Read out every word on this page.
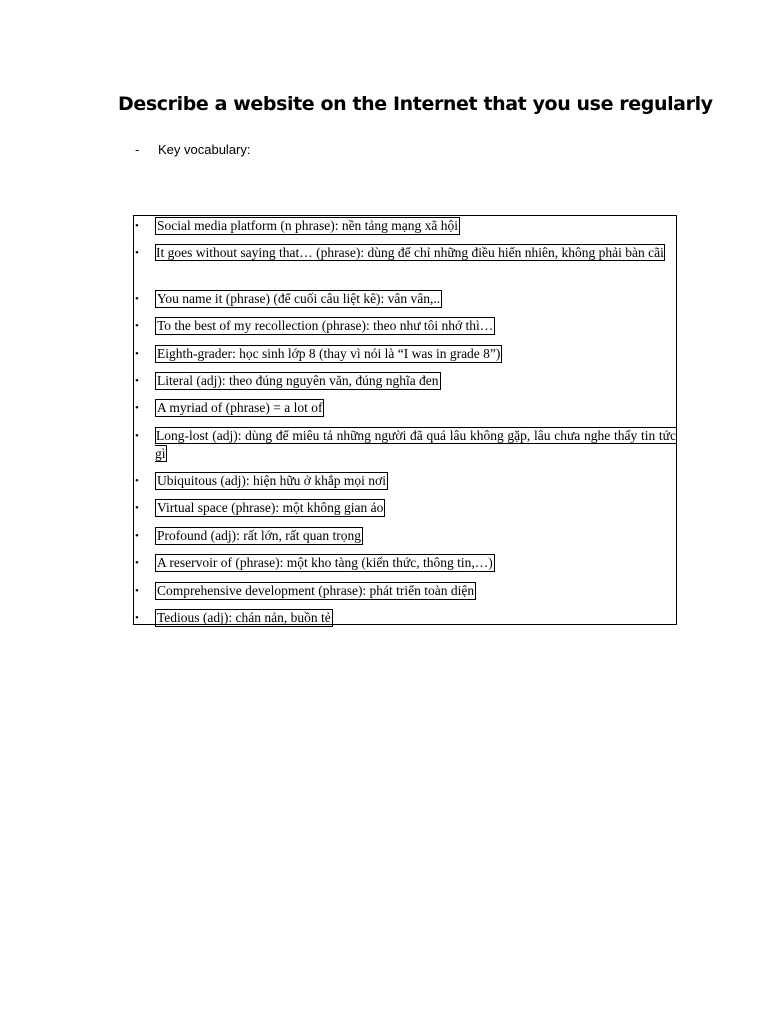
Describe a website on the Internet that you use regularly
- Key vocabulary:
• Social media platform (n phrase): nền tảng mạng xã hội
• It goes without saying that… (phrase): dùng để chỉ những điều hiển nhiên, không phải bàn cãi
• You name it (phrase) (để cuối câu liệt kê): vân vân,..
• To the best of my recollection (phrase): theo như tôi nhớ thì…
• Eighth-grader: học sinh lớp 8 (thay vì nói là “I was in grade 8”)
• Literal (adj): theo đúng nguyên văn, đúng nghĩa đen
• A myriad of (phrase) = a lot of
• Long-lost (adj): dùng để miêu tả những người đã quá lâu không gặp, lâu chưa nghe thấy tin tức gì
• Ubiquitous (adj): hiện hữu ở khắp mọi nơi
• Virtual space (phrase): một không gian ảo
• Profound (adj): rất lớn, rất quan trọng
• A reservoir of (phrase): một kho tàng (kiến thức, thông tin,…)
• Comprehensive development (phrase): phát triển toàn diện
• Tedious (adj): chán nản, buồn tẻ
